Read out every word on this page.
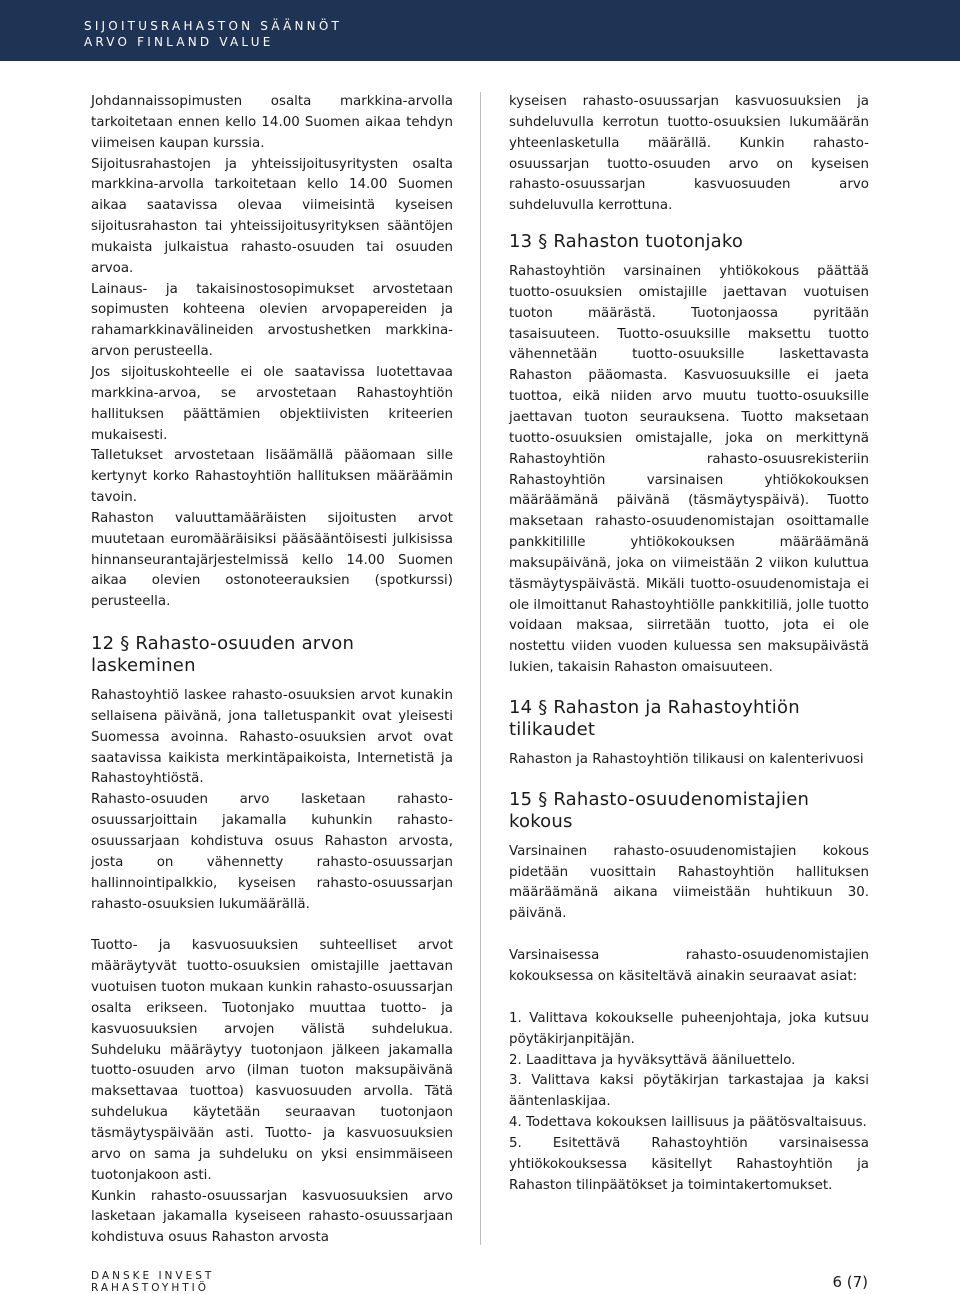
SIJOITUSRAHASTON SÄÄNNÖT
ARVO FINLAND VALUE

Johdannaissopimusten osalta markkina-arvolla tarkoitetaan ennen kello 14.00 Suomen aikaa tehdyn viimeisen kaupan kurssia.

Sijoitusrahastojen ja yhteissijoitusyritysten osalta markkina-arvolla tarkoitetaan kello 14.00 Suomen aikaa saatavissa olevaa viimeisintä kyseisen sijoitusrahaston tai yhteissijoitusyrityksen sääntöjen mukaista julkaistua rahasto-osuuden tai osuuden arvoa.

Lainaus- ja takaisinostosopimukset arvostetaan sopimusten kohteena olevien arvopapereiden ja rahamarkkinavälineiden arvostushetken markkina-arvon perusteella.

Jos sijoituskohteelle ei ole saatavissa luotettavaa markkina-arvoa, se arvostetaan Rahastoyhtiön hallituksen päättämien objektiivisten kriteerien mukaisesti.

Talletukset arvostetaan lisäämällä pääomaan sille kertynyt korko Rahastoyhtiön hallituksen määräämin tavoin.

Rahaston valuuttamääräisten sijoitusten arvot muutetaan euromääräisiksi pääsääntöisesti julkisissa hinnanseurantajärjestelmissä kello 14.00 Suomen aikaa olevien ostonoteerauksien (spotkurssi) perusteella.

12 § Rahasto-osuuden arvon laskeminen

Rahastoyhtiö laskee rahasto-osuuksien arvot kunakin sellaisena päivänä, jona talletuspankit ovat yleisesti Suomessa avoinna. Rahasto-osuuksien arvot ovat saatavissa kaikista merkintäpaikoista, Internetistä ja Rahastoyhtiöstä.

Rahasto-osuuden arvo lasketaan rahasto-osuussarjoittain jakamalla kuhunkin rahasto-osuussarjaan kohdistuva osuus Rahaston arvosta, josta on vähennetty rahasto-osuussarjan hallinnointipalkkio, kyseisen rahasto-osuussarjan rahasto-osuuksien lukumäärällä.

Tuotto- ja kasvuosuuksien suhteelliset arvot määräytyvät tuotto-osuuksien omistajille jaettavan vuotuisen tuoton mukaan kunkin rahasto-osuussarjan osalta erikseen. Tuotonjako muuttaa tuotto- ja kasvuosuuksien arvojen välistä suhdelukua. Suhdeluku määräytyy tuotonjaon jälkeen jakamalla tuotto-osuuden arvo (ilman tuoton maksupäivänä maksettavaa tuottoa) kasvuosuuden arvolla. Tätä suhdelukua käytetään seuraavan tuotonjaon täsmäytyspäivään asti. Tuotto- ja kasvuosuuksien arvo on sama ja suhdeluku on yksi ensimmäiseen tuotonjakoon asti.

Kunkin rahasto-osuussarjan kasvuosuuksien arvo lasketaan jakamalla kyseiseen rahasto-osuussarjaan kohdistuva osuus Rahaston arvosta

kyseisen rahasto-osuussarjan kasvuosuuksien ja suhdeluvulla kerrotun tuotto-osuuksien lukumäärän yhteenlasketulla määrällä. Kunkin rahasto-osuussarjan tuotto-osuuden arvo on kyseisen rahasto-osuussarjan kasvuosuuden arvo suhdeluvulla kerrottuna.

13 § Rahaston tuotonjako

Rahastoyhtiön varsinainen yhtiökokous päättää tuotto-osuuksien omistajille jaettavan vuotuisen tuoton määrästä. Tuotonjaossa pyritään tasaisuuteen. Tuotto-osuuksille maksettu tuotto vähennetään tuotto-osuuksille laskettavasta Rahaston pääomasta. Kasvuosuuksille ei jaeta tuottoa, eikä niiden arvo muutu tuotto-osuuksille jaettavan tuoton seurauksena. Tuotto maksetaan tuotto-osuuksien omistajalle, joka on merkittynä Rahastoyhtiön rahasto-osuusrekisteriin Rahastoyhtiön varsinaisen yhtiökokouksen määräämänä päivänä (täsmäytyspäivä). Tuotto maksetaan rahasto-osuudenomistajan osoittamalle pankkitilille yhtiökokouksen määräämänä maksupäivänä, joka on viimeistään 2 viikon kuluttua täsmäytyspäivästä. Mikäli tuotto-osuudenomistaja ei ole ilmoittanut Rahastoyhtiölle pankkitiliä, jolle tuotto voidaan maksaa, siirretään tuotto, jota ei ole nostettu viiden vuoden kuluessa sen maksupäivästä lukien, takaisin Rahaston omaisuuteen.

14 § Rahaston ja Rahastoyhtiön tilikaudet

Rahaston ja Rahastoyhtiön tilikausi on kalenterivuosi

15 § Rahasto-osuudenomistajien kokous

Varsinainen rahasto-osuudenomistajien kokous pidetään vuosittain Rahastoyhtiön hallituksen määräämänä aikana viimeistään huhtikuun 30. päivänä.

Varsinaisessa rahasto-osuudenomistajien kokouksessa on käsiteltävä ainakin seuraavat asiat:

1. Valittava kokoukselle puheenjohtaja, joka kutsuu pöytäkirjanpitäjän.
2. Laadittava ja hyväksyttävä ääniluettelo.
3. Valittava kaksi pöytäkirjan tarkastajaa ja kaksi ääntenlaskijaa.
4. Todettava kokouksen laillisuus ja päätösvaltaisuus.
5. Esitettävä Rahastoyhtiön varsinaisessa yhtiökokouksessa käsitellyt Rahastoyhtiön ja Rahaston tilinpäätökset ja toimintakertomukset.
DANSKE INVEST
RAHASTOYHTIÖ	6 (7)
